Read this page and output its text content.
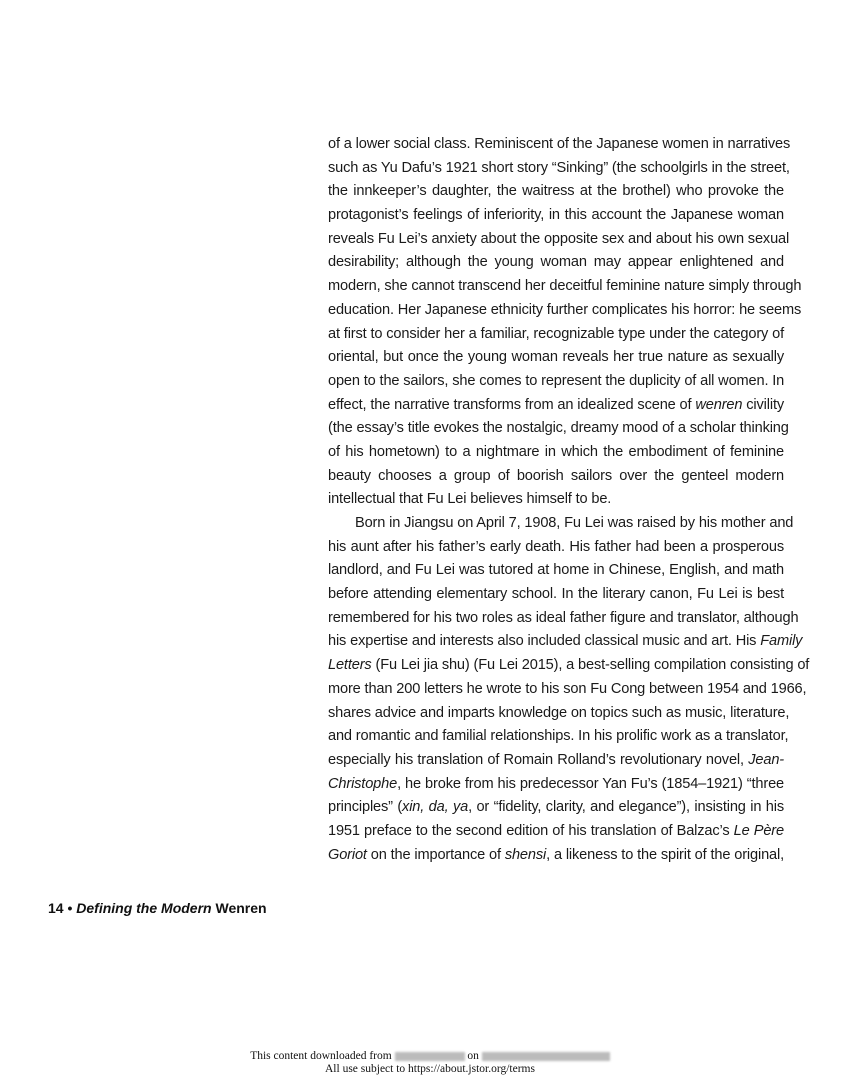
of a lower social class. Reminiscent of the Japanese women in narratives
such as Yu Dafu’s 1921 short story “Sinking” (the schoolgirls in the street,
the innkeeper’s daughter, the waitress at the brothel) who provoke the
protagonist’s feelings of inferiority, in this account the Japanese woman
reveals Fu Lei’s anxiety about the opposite sex and about his own sexual
desirability; although the young woman may appear enlightened and
modern, she cannot transcend her deceitful feminine nature simply through
education. Her Japanese ethnicity further complicates his horror: he seems
at first to consider her a familiar, recognizable type under the category of
oriental, but once the young woman reveals her true nature as sexually
open to the sailors, she comes to represent the duplicity of all women. In
effect, the narrative transforms from an idealized scene of wenren civility
(the essay’s title evokes the nostalgic, dreamy mood of a scholar thinking
of his hometown) to a nightmare in which the embodiment of feminine
beauty chooses a group of boorish sailors over the genteel modern
intellectual that Fu Lei believes himself to be.
Born in Jiangsu on April 7, 1908, Fu Lei was raised by his mother and
his aunt after his father’s early death. His father had been a prosperous
landlord, and Fu Lei was tutored at home in Chinese, English, and math
before attending elementary school. In the literary canon, Fu Lei is best
remembered for his two roles as ideal father figure and translator, although
his expertise and interests also included classical music and art. His Family
Letters (Fu Lei jia shu) (Fu Lei 2015), a best-selling compilation consisting of
more than 200 letters he wrote to his son Fu Cong between 1954 and 1966,
shares advice and imparts knowledge on topics such as music, literature,
and romantic and familial relationships. In his prolific work as a translator,
especially his translation of Romain Rolland’s revolutionary novel, Jean-
Christophe, he broke from his predecessor Yan Fu’s (1854–1921) “three
principles” (xin, da, ya, or “fidelity, clarity, and elegance”), insisting in his
1951 preface to the second edition of his translation of Balzac’s Le Père
Goriot on the importance of shensi, a likeness to the spirit of the original,
14 • Defining the Modern Wenren
This content downloaded from	on
All use subject to https://about.jstor.org/terms
